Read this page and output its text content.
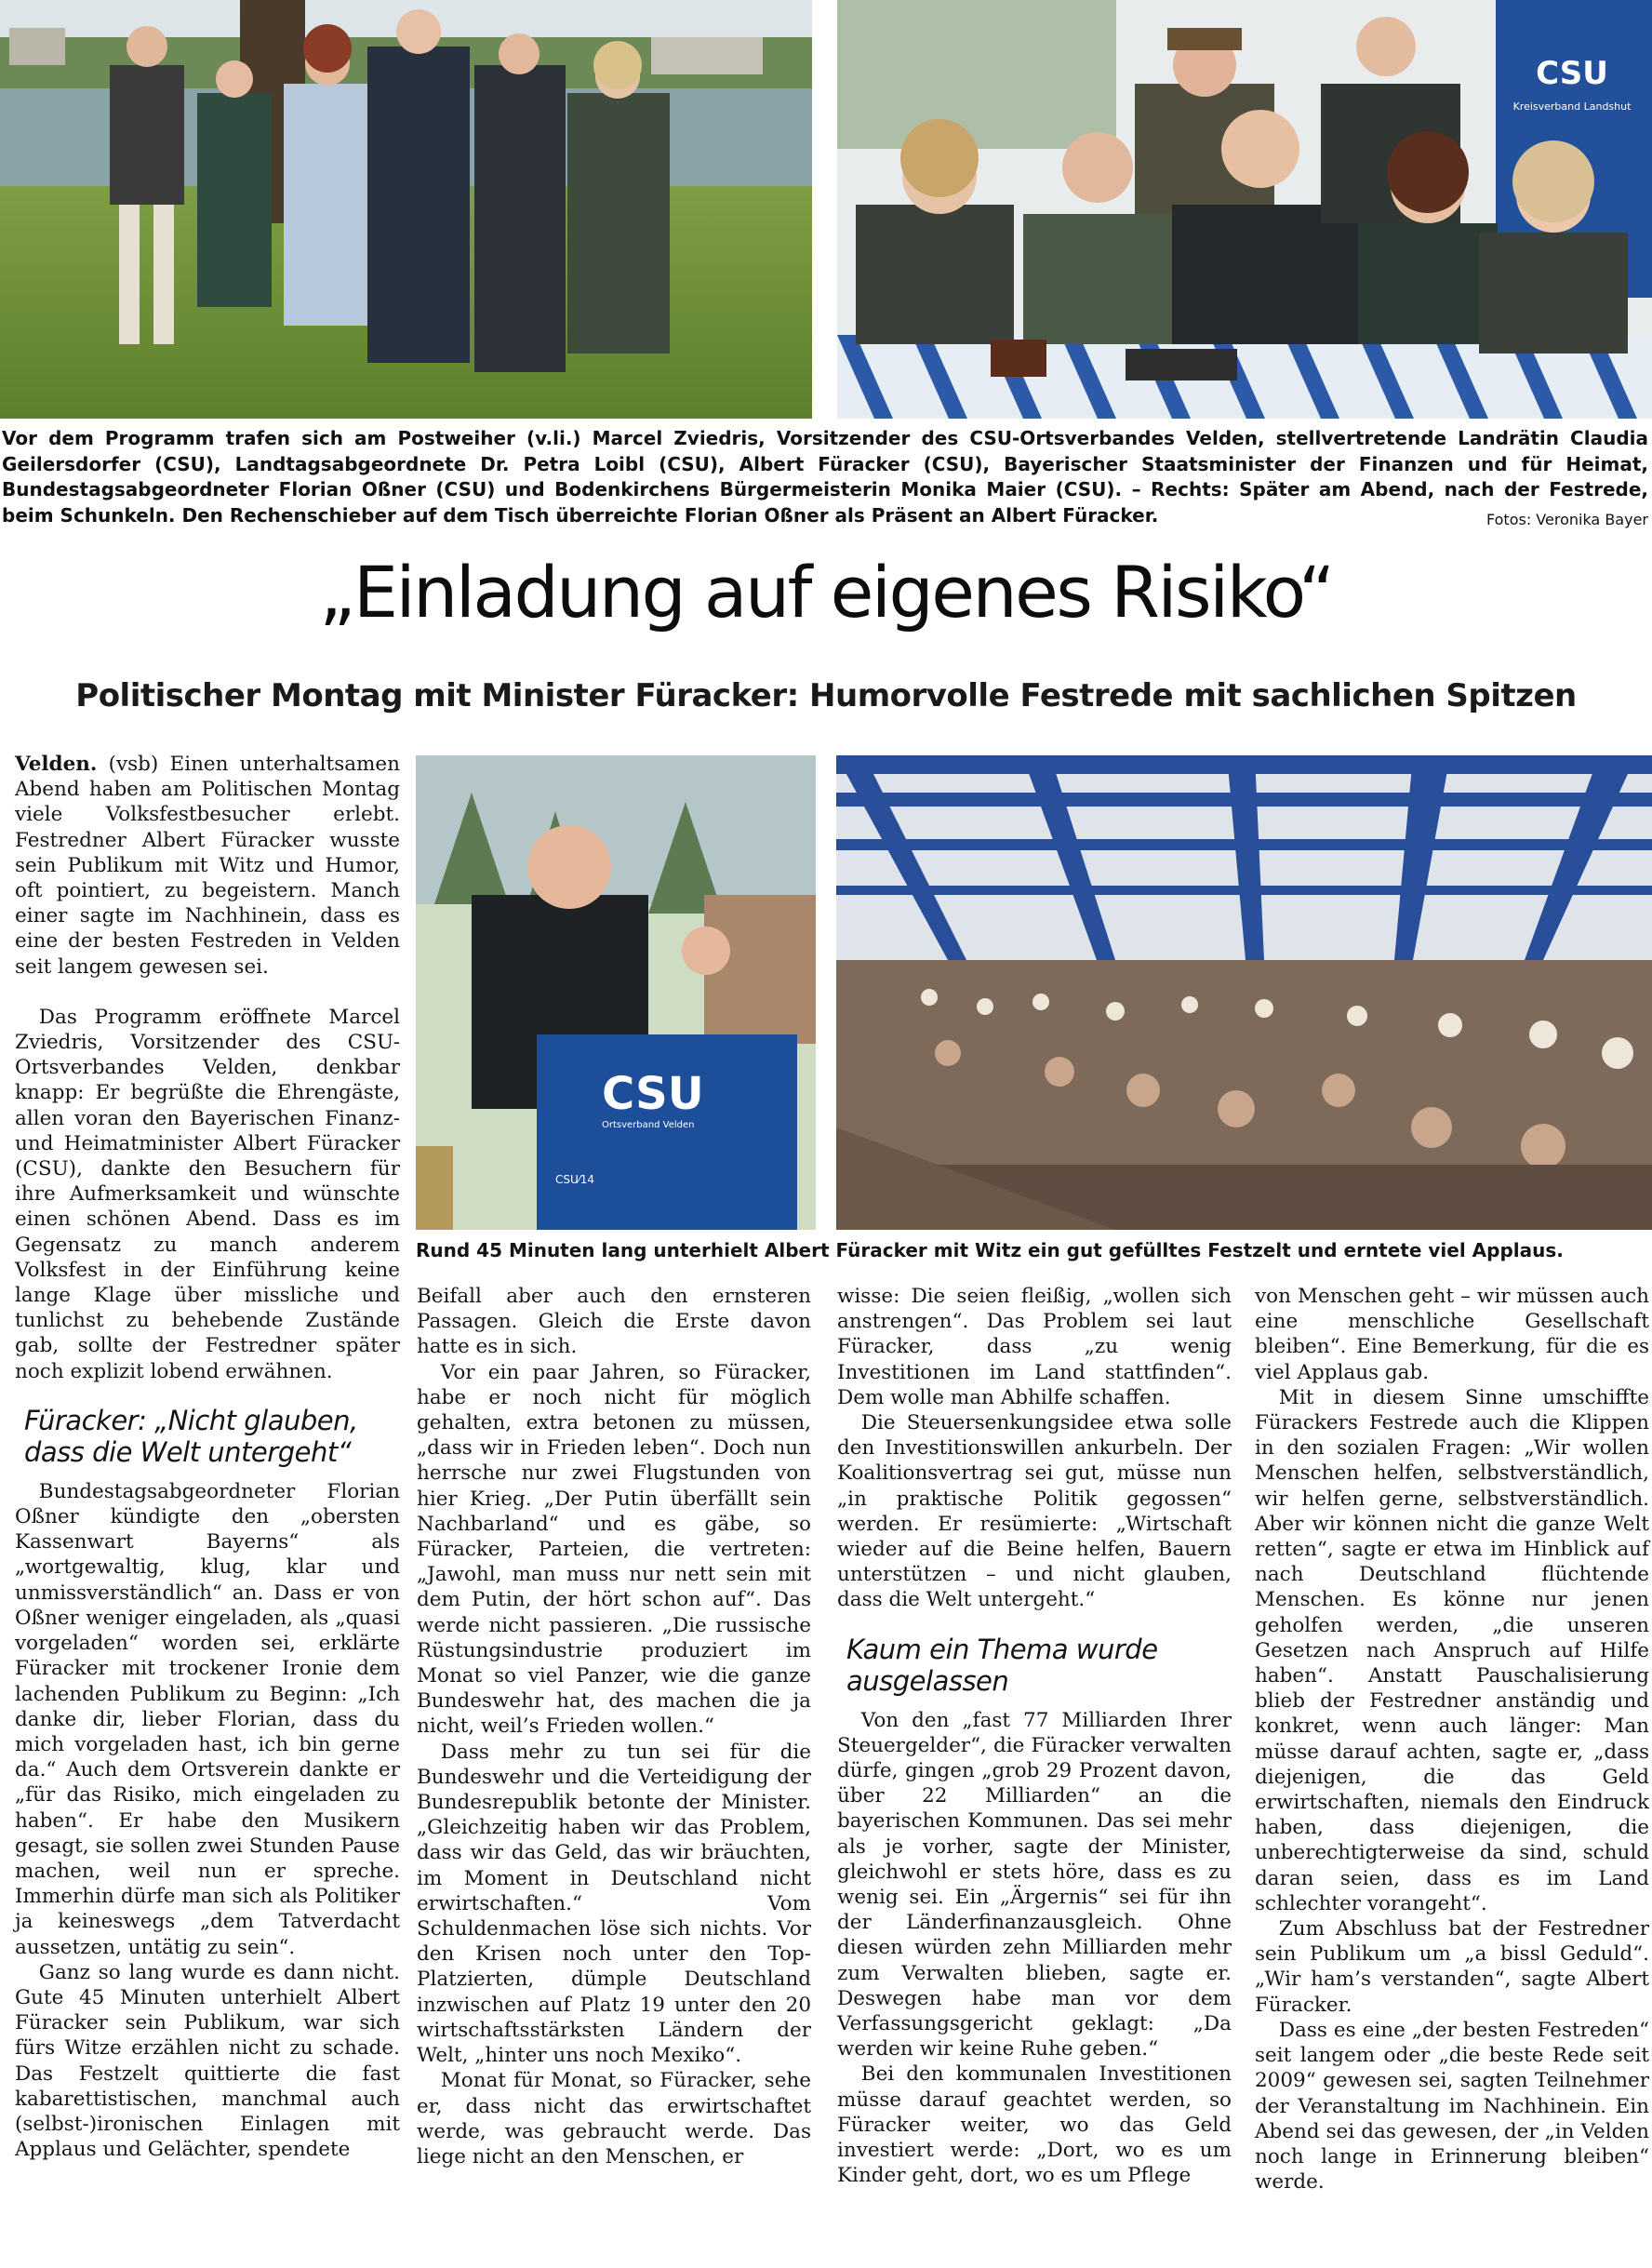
CSU
Kreisverband Landshut
Vor dem Programm trafen sich am Postweiher (v.li.) Marcel Zviedris, Vorsitzender des CSU-Ortsverbandes Velden, stellvertretende Landrätin Claudia Geilersdorfer (CSU), Landtagsabgeordnete Dr. Petra Loibl (CSU), Albert Füracker (CSU), Bayerischer Staatsminister der Finanzen und für Heimat, Bundestagsabgeordneter Florian Oßner (CSU) und Bodenkirchens Bürgermeisterin Monika Maier (CSU). – Rechts: Später am Abend, nach der Festrede, beim Schunkeln. Den Rechenschieber auf dem Tisch überreichte Florian Oßner als Präsent an Albert Füracker.	Fotos: Veronika Bayer
„Einladung auf eigenes Risiko“
Politischer Montag mit Minister Füracker: Humorvolle Festrede mit sachlichen Spitzen
CSU
Ortsverband Velden
CSU⁄14
Rund 45 Minuten lang unterhielt Albert Füracker mit Witz ein gut gefülltes Festzelt und erntete viel Applaus.

Velden. (vsb) Einen unterhaltsamen Abend haben am Politischen Montag viele Volksfestbesucher erlebt. Festredner Albert Füracker wusste sein Publikum mit Witz und Humor, oft pointiert, zu begeistern. Manch einer sagte im Nachhinein, dass es eine der besten Festreden in Velden seit langem gewesen sei.

Das Programm eröffnete Marcel Zviedris, Vorsitzender des CSU-Ortsverbandes Velden, denkbar knapp: Er begrüßte die Ehrengäste, allen voran den Bayerischen Finanz- und Heimatminister Albert Füracker (CSU), dankte den Besuchern für ihre Aufmerksamkeit und wünschte einen schönen Abend. Dass es im Gegensatz zu manch anderem Volksfest in der Einführung keine lange Klage über missliche und tunlichst zu behebende Zustände gab, sollte der Festredner später noch explizit lobend erwähnen.

Füracker: „Nicht glauben, dass die Welt untergeht“

Bundestagsabgeordneter Florian Oßner kündigte den „obersten Kassenwart Bayerns“ als „wortgewaltig, klug, klar und unmissverständlich“ an. Dass er von Oßner weniger eingeladen, als „quasi vorgeladen“ worden sei, erklärte Füracker mit trockener Ironie dem lachenden Publikum zu Beginn: „Ich danke dir, lieber Florian, dass du mich vorgeladen hast, ich bin gerne da.“ Auch dem Ortsverein dankte er „für das Risiko, mich eingeladen zu haben“. Er habe den Musikern gesagt, sie sollen zwei Stunden Pause machen, weil nun er spreche. Immerhin dürfe man sich als Politiker ja keineswegs „dem Tatverdacht aussetzen, untätig zu sein“.

Ganz so lang wurde es dann nicht. Gute 45 Minuten unterhielt Albert Füracker sein Publikum, war sich fürs Witze erzählen nicht zu schade. Das Festzelt quittierte die fast kabarettistischen, manchmal auch (selbst-)ironischen Einlagen mit Applaus und Gelächter, spendete

Beifall aber auch den ernsteren Passagen. Gleich die Erste davon hatte es in sich.

Vor ein paar Jahren, so Füracker, habe er noch nicht für möglich gehalten, extra betonen zu müssen, „dass wir in Frieden leben“. Doch nun herrsche nur zwei Flugstunden von hier Krieg. „Der Putin überfällt sein Nachbarland“ und es gäbe, so Füracker, Parteien, die vertreten: „Jawohl, man muss nur nett sein mit dem Putin, der hört schon auf“. Das werde nicht passieren. „Die russische Rüstungsindustrie produziert im Monat so viel Panzer, wie die ganze Bundeswehr hat, des machen die ja nicht, weil’s Frieden wollen.“

Dass mehr zu tun sei für die Bundeswehr und die Verteidigung der Bundesrepublik betonte der Minister. „Gleichzeitig haben wir das Problem, dass wir das Geld, das wir bräuchten, im Moment in Deutschland nicht erwirtschaften.“ Vom Schuldenmachen löse sich nichts. Vor den Krisen noch unter den Top-Platzierten, dümple Deutschland inzwischen auf Platz 19 unter den 20 wirtschaftsstärksten Ländern der Welt, „hinter uns noch Mexiko“.

Monat für Monat, so Füracker, sehe er, dass nicht das erwirtschaftet werde, was gebraucht werde. Das liege nicht an den Menschen, er

wisse: Die seien fleißig, „wollen sich anstrengen“. Das Problem sei laut Füracker, dass „zu wenig Investitionen im Land stattfinden“. Dem wolle man Abhilfe schaffen.

Die Steuersenkungsidee etwa solle den Investitionswillen ankurbeln. Der Koalitionsvertrag sei gut, müsse nun „in praktische Politik gegossen“ werden. Er resümierte: „Wirtschaft wieder auf die Beine helfen, Bauern unterstützen – und nicht glauben, dass die Welt untergeht.“

Kaum ein Thema wurde ausgelassen

Von den „fast 77 Milliarden Ihrer Steuergelder“, die Füracker verwalten dürfe, gingen „grob 29 Prozent davon, über 22 Milliarden“ an die bayerischen Kommunen. Das sei mehr als je vorher, sagte der Minister, gleichwohl er stets höre, dass es zu wenig sei. Ein „Ärgernis“ sei für ihn der Länderfinanzausgleich. Ohne diesen würden zehn Milliarden mehr zum Verwalten blieben, sagte er. Deswegen habe man vor dem Verfassungsgericht geklagt: „Da werden wir keine Ruhe geben.“

Bei den kommunalen Investitionen müsse darauf geachtet werden, so Füracker weiter, wo das Geld investiert werde: „Dort, wo es um Kinder geht, dort, wo es um Pflege

von Menschen geht – wir müssen auch eine menschliche Gesellschaft bleiben“. Eine Bemerkung, für die es viel Applaus gab.

Mit in diesem Sinne umschiffte Fürackers Festrede auch die Klippen in den sozialen Fragen: „Wir wollen Menschen helfen, selbstverständlich, wir helfen gerne, selbstverständlich. Aber wir können nicht die ganze Welt retten“, sagte er etwa im Hinblick auf nach Deutschland flüchtende Menschen. Es könne nur jenen geholfen werden, „die unseren Gesetzen nach Anspruch auf Hilfe haben“. Anstatt Pauschalisierung blieb der Festredner anständig und konkret, wenn auch länger: Man müsse darauf achten, sagte er, „dass diejenigen, die das Geld erwirtschaften, niemals den Eindruck haben, dass diejenigen, die unberechtigterweise da sind, schuld daran seien, dass es im Land schlechter vorangeht“.

Zum Abschluss bat der Festredner sein Publikum um „a bissl Geduld“. „Wir ham’s verstanden“, sagte Albert Füracker.

Dass es eine „der besten Festreden“ seit langem oder „die beste Rede seit 2009“ gewesen sei, sagten Teilnehmer der Veranstaltung im Nachhinein. Ein Abend sei das gewesen, der „in Velden noch lange in Erinnerung bleiben“ werde.
